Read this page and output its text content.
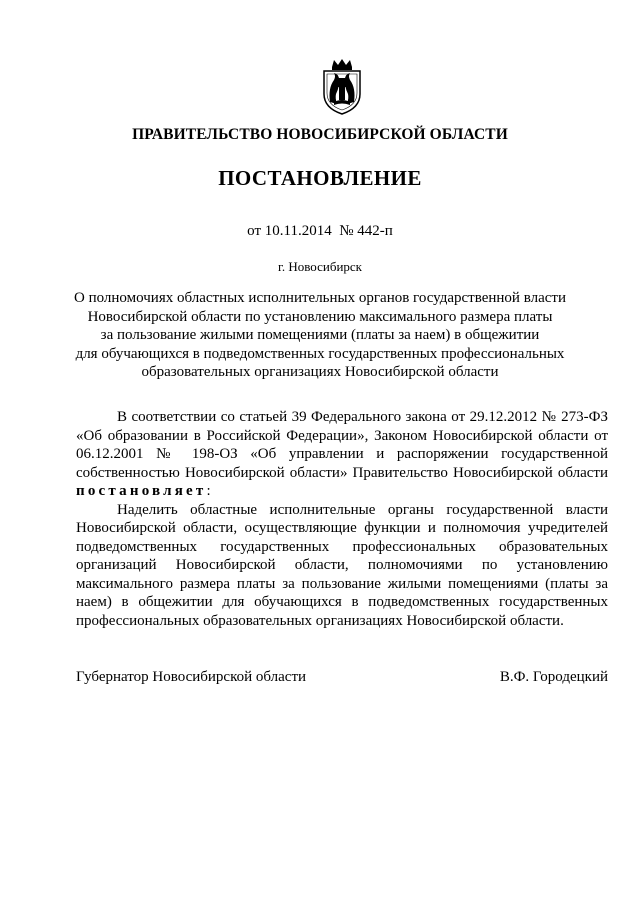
ПРАВИТЕЛЬСТВО НОВОСИБИРСКОЙ ОБЛАСТИ
ПОСТАНОВЛЕНИЕ
от 10.11.2014 № 442-п
г. Новосибирск
О полномочиях областных исполнительных органов государственной власти
Новосибирской области по установлению максимального размера платы
за пользование жилыми помещениями (платы за наем) в общежитии
для обучающихся в подведомственных государственных профессиональных
образовательных организациях Новосибирской области

В соответствии со статьей 39 Федерального закона от 29.12.2012 № 273-ФЗ «Об образовании в Российской Федерации», Законом Новосибирской области от 06.12.2001 № 198-ОЗ «Об управлении и распоряжении государственной собственностью Новосибирской области» Правительство Новосибирской области постановляет:

Наделить областные исполнительные органы государственной власти Новосибирской области, осуществляющие функции и полномочия учредителей подведомственных государственных профессиональных образовательных организаций Новосибирской области, полномочиями по установлению максимального размера платы за пользование жилыми помещениями (платы за наем) в общежитии для обучающихся в подведомственных государственных профессиональных образовательных организациях Новосибирской области.

Губернатор Новосибирской области	В.Ф. Городецкий
